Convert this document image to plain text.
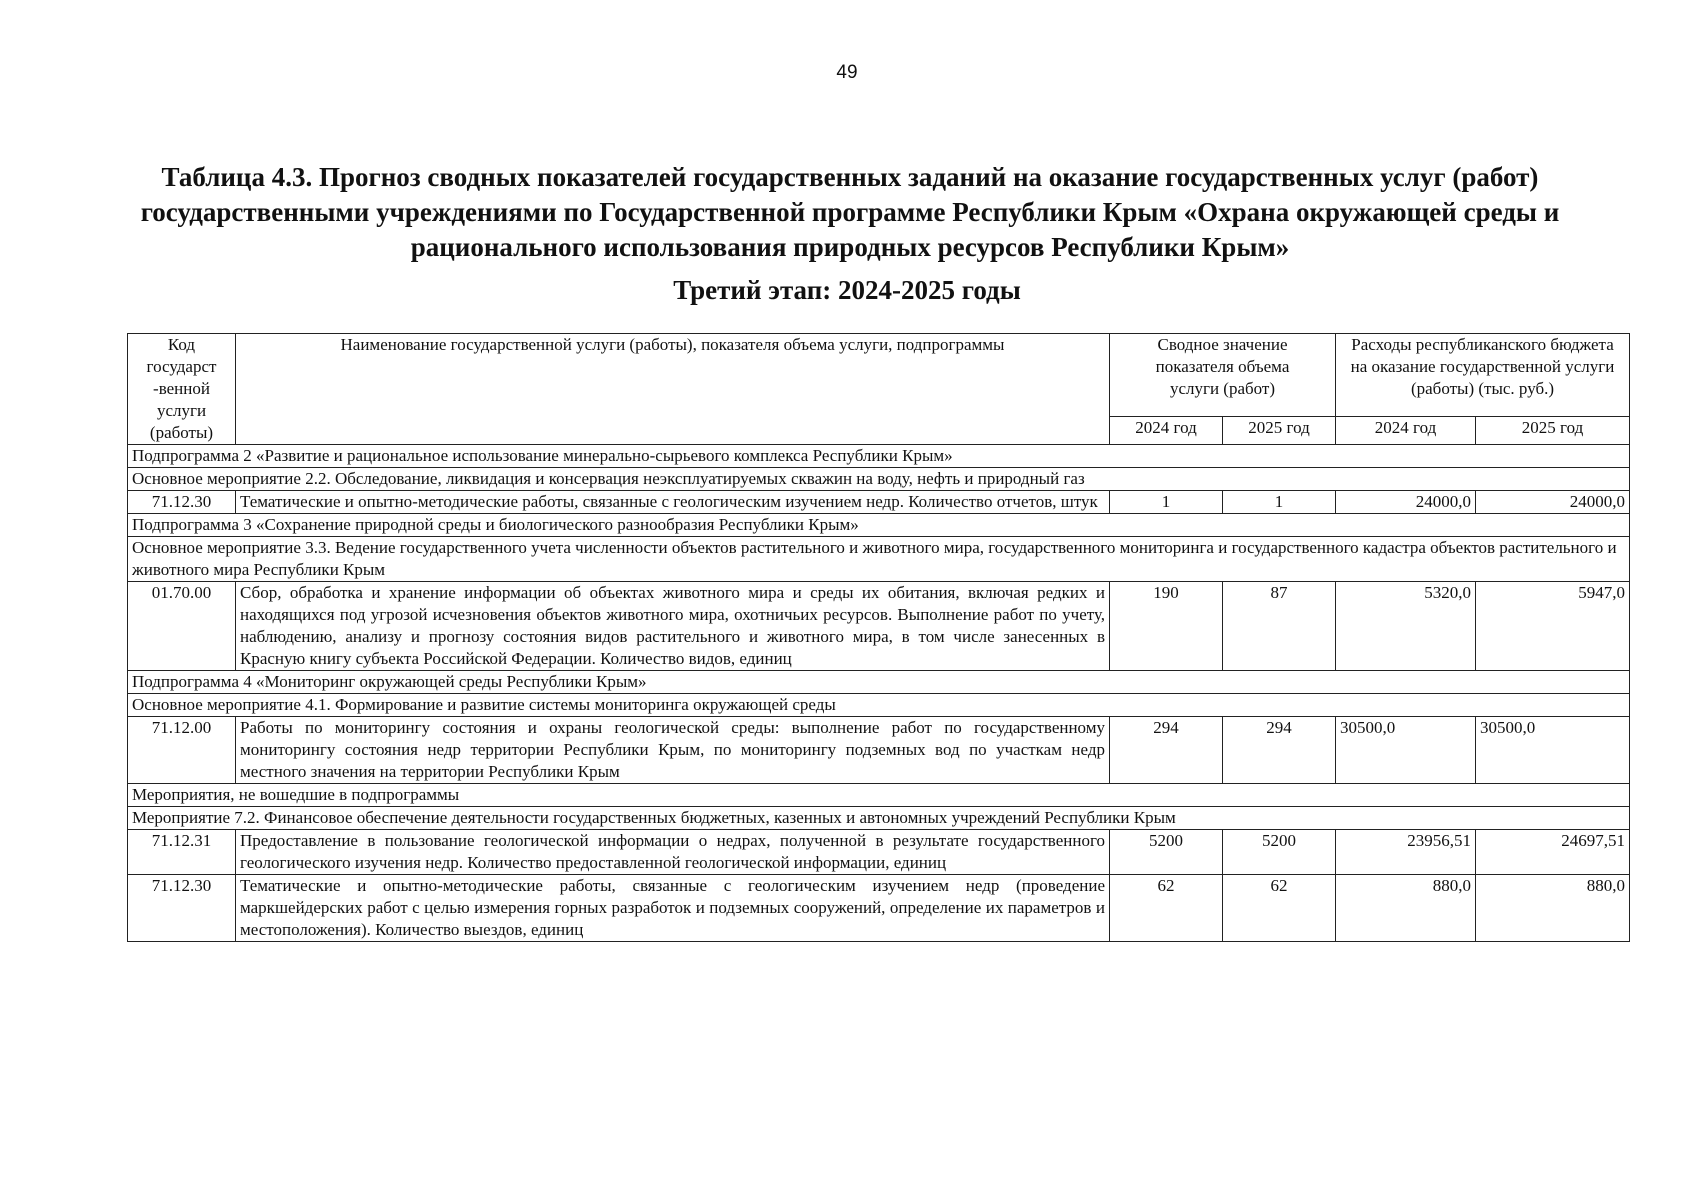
49
Таблица 4.3. Прогноз сводных показателей государственных заданий на оказание государственных услуг (работ) государственными учреждениями по Государственной программе Республики Крым «Охрана окружающей среды и рационального использования природных ресурсов Республики Крым»
Третий этап: 2024-2025 годы
Код государст -венной услуги (работы)	Наименование государственной услуги (работы), показателя объема услуги, подпрограммы	Сводное значение показателя объема услуги (работ)		Расходы республиканского бюджета на оказание государственной услуги (работы) (тыс. руб.)	
		2024 год	2025 год	2024 год	2025 год
Подпрограмма 2 «Развитие и рациональное использование минерально-сырьевого комплекса Республики Крым»					
Основное мероприятие 2.2. Обследование, ликвидация и консервация неэксплуатируемых скважин на воду, нефть и природный газ					
71.12.30	Тематические и опытно-методические работы, связанные с геологическим изучением недр. Количество отчетов, штук	1	1	24000,0	24000,0
Подпрограмма 3 «Сохранение природной среды и биологического разнообразия Республики Крым»					
Основное мероприятие 3.3. Ведение государственного учета численности объектов растительного и животного мира, государственного мониторинга и государственного кадастра объектов растительного и животного мира Республики Крым					
01.70.00	Сбор, обработка и хранение информации об объектах животного мира и среды их обитания, включая редких и находящихся под угрозой исчезновения объектов животного мира, охотничьих ресурсов. Выполнение работ по учету, наблюдению, анализу и прогнозу состояния видов растительного и животного мира, в том числе занесенных в Красную книгу субъекта Российской Федерации. Количество видов, единиц	190	87	5320,0	5947,0
Подпрограмма 4 «Мониторинг окружающей среды Республики Крым»					
Основное мероприятие 4.1. Формирование и развитие системы мониторинга окружающей среды					
71.12.00	Работы по мониторингу состояния и охраны геологической среды: выполнение работ по государственному мониторингу состояния недр территории Республики Крым, по мониторингу подземных вод по участкам недр местного значения на территории Республики Крым	294	294	30500,0	30500,0
Мероприятия, не вошедшие в подпрограммы					
Мероприятие 7.2. Финансовое обеспечение деятельности государственных бюджетных, казенных и автономных учреждений Республики Крым					
71.12.31	Предоставление в пользование геологической информации о недрах, полученной в результате государственного геологического изучения недр. Количество предоставленной геологической информации, единиц	5200	5200	23956,51	24697,51
71.12.30	Тематические и опытно-методические работы, связанные с геологическим изучением недр (проведение маркшейдерских работ с целью измерения горных разработок и подземных сооружений, определение их параметров и местоположения). Количество выездов, единиц	62	62	880,0	880,0
